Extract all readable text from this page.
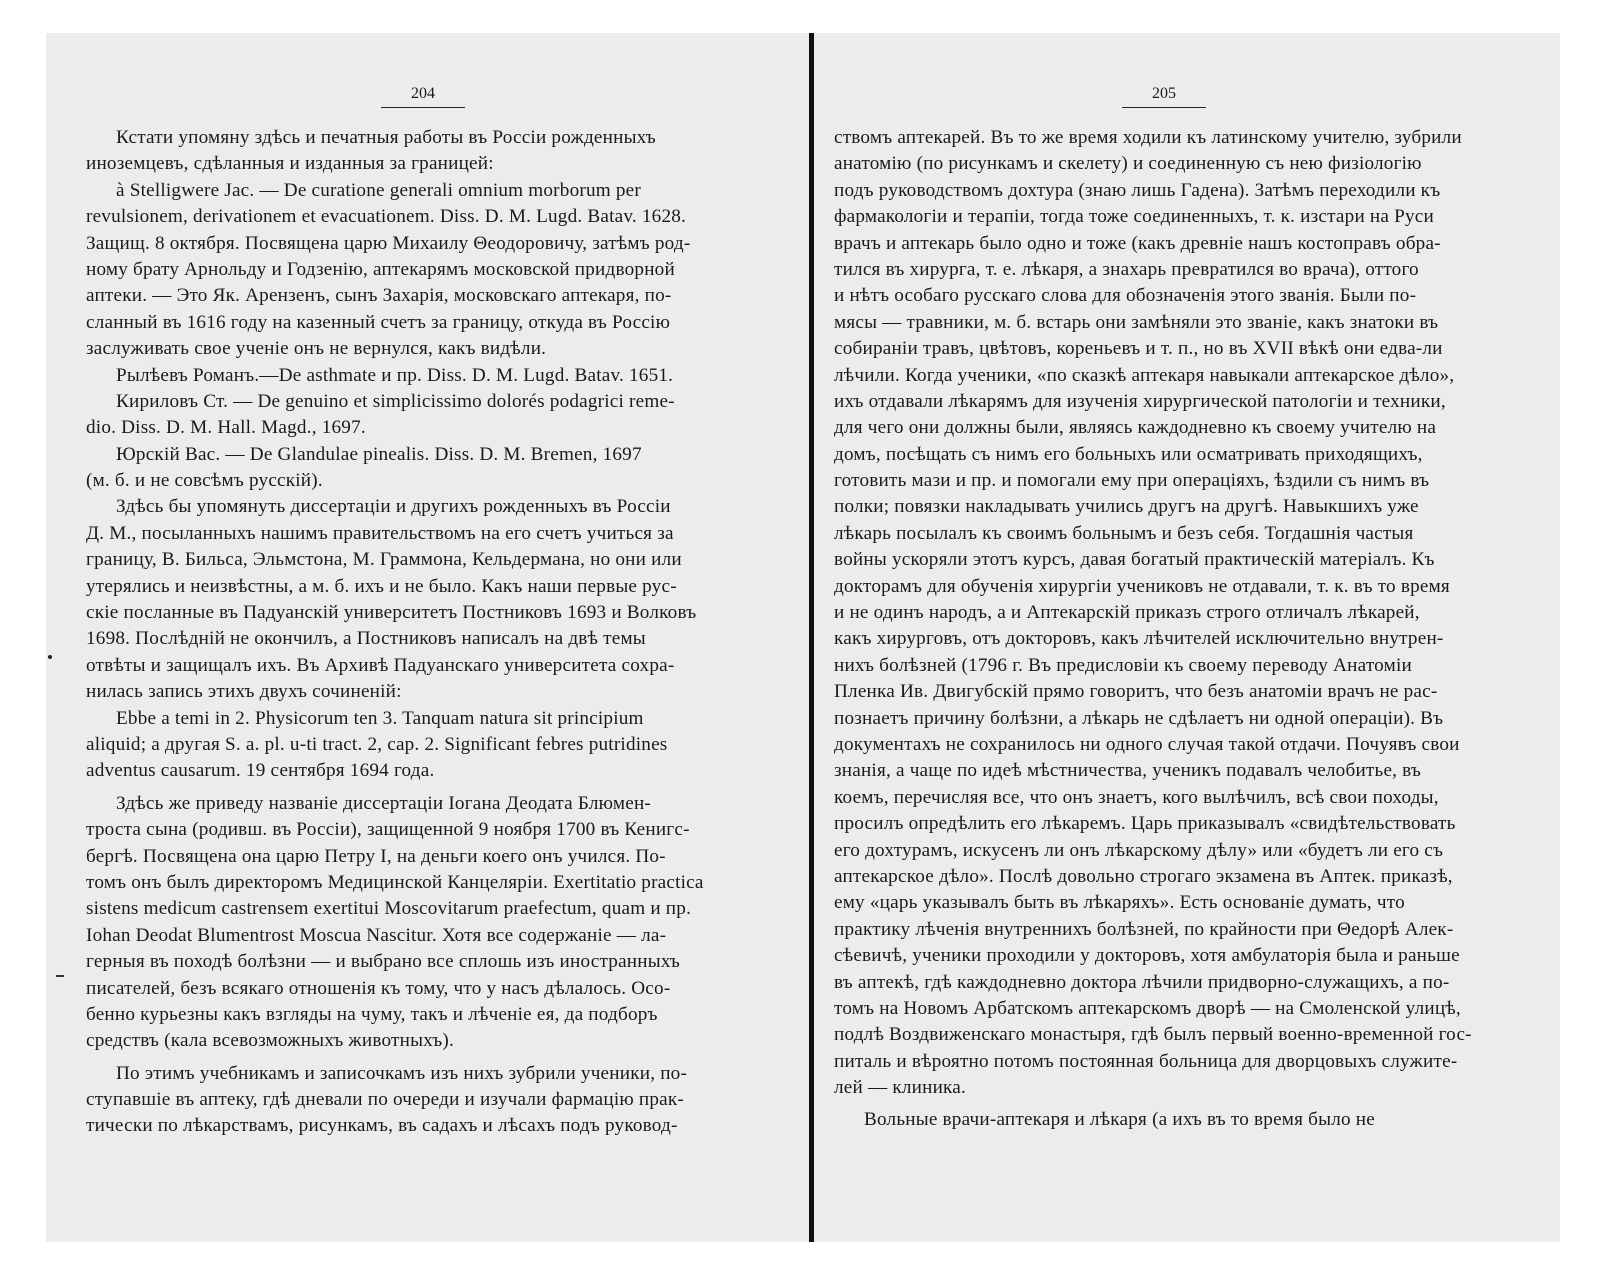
204
Кстати упомяну здѣсь и печатныя работы въ Россіи рожденныхъ
иноземцевъ, сдѣланныя и изданныя за границей:
à Stelligwere Jac. — De curatione generali omnium morborum per
revulsionem, derivationem et evacuationem. Diss. D. M. Lugd. Batav. 1628.
Защищ. 8 октября. Посвящена царю Михаилу Θеодоровичу, затѣмъ род-
ному брату Арнольду и Годзенію, аптекарямъ московской придворной
аптеки. — Это Як. Арензенъ, сынъ Захарія, московскаго аптекаря, по-
сланный въ 1616 году на казенный счетъ за границу, откуда въ Россію
заслуживать свое ученіе онъ не вернулся, какъ видѣли.
Рылѣевъ Романъ.—De asthmate и пр. Diss. D. M. Lugd. Batav. 1651.
Кириловъ Ст. — De genuino et simplicissimo dolorés podagrici reme-
dio. Diss. D. M. Hall. Magd., 1697.
Юрскій Вас. — De Glandulae pinealis. Diss. D. M. Bremen, 1697
(м. б. и не совсѣмъ русскій).
Здѣсь бы упомянуть диссертаціи и другихъ рожденныхъ въ Россіи
Д. М., посыланныхъ нашимъ правительствомъ на его счетъ учиться за
границу, В. Бильса, Эльмстона, М. Граммона, Кельдермана, но они или
утерялись и неизвѣстны, а м. б. ихъ и не было. Какъ наши первые рус-
скіе посланные въ Падуанскій университетъ Постниковъ 1693 и Волковъ
1698. Послѣдній не окончилъ, а Постниковъ написалъ на двѣ темы
отвѣты и защищалъ ихъ. Въ Архивѣ Падуанскаго университета сохра-
нилась запись этихъ двухъ сочиненій:
Ebbe a temi in 2. Physicorum ten 3. Tanquam natura sit principium
aliquid; а другая S. a. pl. u-ti tract. 2, cap. 2. Significant febres putridines
adventus causarum. 19 сентября 1694 года.
Здѣсь же приведу названіе диссертаціи Іогана Деодата Блюмен-
троста сына (родивш. въ Россіи), защищенной 9 ноября 1700 въ Кенигс-
бергѣ. Посвящена она царю Петру I, на деньги коего онъ учился. По-
томъ онъ былъ директоромъ Медицинской Канцеляріи. Exertitatio practica
sistens medicum castrensem exertitui Moscovitarum praefectum, quam и пр.
Iohan Deodat Blumentrost Moscua Nascitur. Хотя все содержаніе — ла-
герныя въ походѣ болѣзни — и выбрано все сплошь изъ иностранныхъ
писателей, безъ всякаго отношенія къ тому, что у насъ дѣлалось. Осо-
бенно курьезны какъ взгляды на чуму, такъ и лѣченіе ея, да подборъ
средствъ (кала всевозможныхъ животныхъ).
По этимъ учебникамъ и записочкамъ изъ нихъ зубрили ученики, по-
ступавшіе въ аптеку, гдѣ дневали по очереди и изучали фармацію прак-
тически по лѣкарствамъ, рисункамъ, въ садахъ и лѣсахъ подъ руковод-
205
ствомъ аптекарей. Въ то же время ходили къ латинскому учителю, зубрили
анатомію (по рисункамъ и скелету) и соединенную съ нею физіологію
подъ руководствомъ дохтура (знаю лишь Гадена). Затѣмъ переходили къ
фармакологіи и терапіи, тогда тоже соединенныхъ, т. к. изстари на Руси
врачъ и аптекарь было одно и тоже (какъ древніе нашъ костоправъ обра-
тился въ хирурга, т. е. лѣкаря, а знахарь превратился во врача), оттого
и нѣтъ особаго русскаго слова для обозначенія этого званія. Были по-
мясы — травники, м. б. встарь они замѣняли это званіе, какъ знатоки въ
собираніи травъ, цвѣтовъ, кореньевъ и т. п., но въ XVII вѣкѣ они едва-ли
лѣчили. Когда ученики, «по сказкѣ аптекаря навыкали аптекарское дѣло»,
ихъ отдавали лѣкарямъ для изученія хирургической патологіи и техники,
для чего они должны были, являясь каждодневно къ своему учителю на
домъ, посѣщать съ нимъ его больныхъ или осматривать приходящихъ,
готовить мази и пр. и помогали ему при операціяхъ, ѣздили съ нимъ въ
полки; повязки накладывать учились другъ на другѣ. Навыкшихъ уже
лѣкарь посылалъ къ своимъ больнымъ и безъ себя. Тогдашнія частыя
войны ускоряли этотъ курсъ, давая богатый практическій матеріалъ. Къ
докторамъ для обученія хирургіи учениковъ не отдавали, т. к. въ то время
и не одинъ народъ, а и Аптекарскій приказъ строго отличалъ лѣкарей,
какъ хирурговъ, отъ докторовъ, какъ лѣчителей исключительно внутрен-
нихъ болѣзней (1796 г. Въ предисловіи къ своему переводу Анатоміи
Пленка Ив. Двигубскій прямо говоритъ, что безъ анатоміи врачъ не рас-
познаетъ причину болѣзни, а лѣкарь не сдѣлаетъ ни одной операціи). Въ
документахъ не сохранилось ни одного случая такой отдачи. Почуявъ свои
знанія, а чаще по идеѣ мѣстничества, ученикъ подавалъ челобитье, въ
коемъ, перечисляя все, что онъ знаетъ, кого вылѣчилъ, всѣ свои походы,
просилъ опредѣлить его лѣкаремъ. Царь приказывалъ «свидѣтельствовать
его дохтурамъ, искусенъ ли онъ лѣкарскому дѣлу» или «будетъ ли его съ
аптекарское дѣло». Послѣ довольно строгаго экзамена въ Аптек. приказѣ,
ему «царь указывалъ быть въ лѣкаряхъ». Есть основаніе думать, что
практику лѣченія внутреннихъ болѣзней, по крайности при Θедорѣ Алек-
сѣевичѣ, ученики проходили у докторовъ, хотя амбулаторія была и раньше
въ аптекѣ, гдѣ каждодневно доктора лѣчили придворно-служащихъ, а по-
томъ на Новомъ Арбатскомъ аптекарскомъ дворѣ — на Смоленской улицѣ,
подлѣ Воздвиженскаго монастыря, гдѣ былъ первый военно-временной гос-
питаль и вѣроятно потомъ постоянная больница для дворцовыхъ служите-
лей — клиника.
Вольные врачи-аптекаря и лѣкаря (а ихъ въ то время было не
